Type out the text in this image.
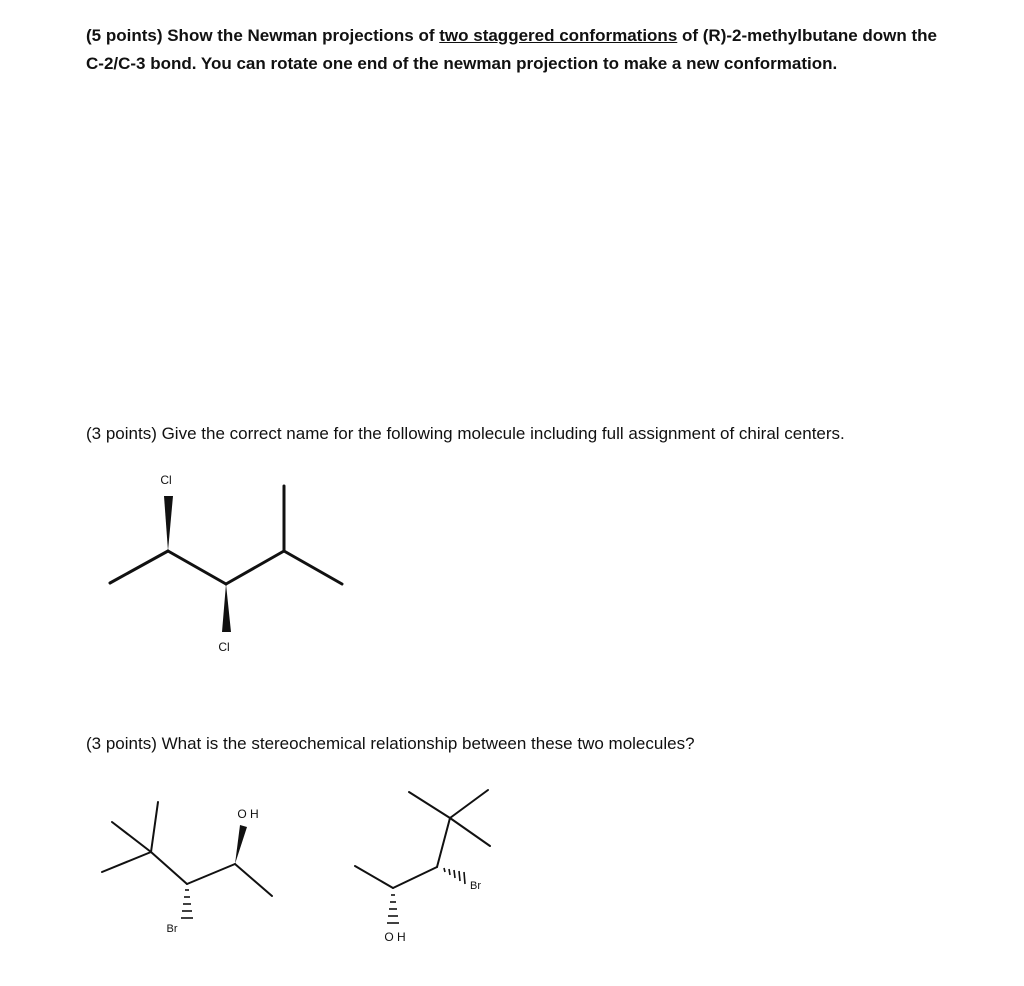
(5 points) Show the Newman projections of two staggered conformations of (R)-2-methylbutane down the C-2/C-3 bond. You can rotate one end of the newman projection to make a new conformation.
(3 points) Give the correct name for the following molecule including full assignment of chiral centers.
Cl
Cl
(3 points) What is the stereochemical relationship between these two molecules?
O H
Br
Br
O H
